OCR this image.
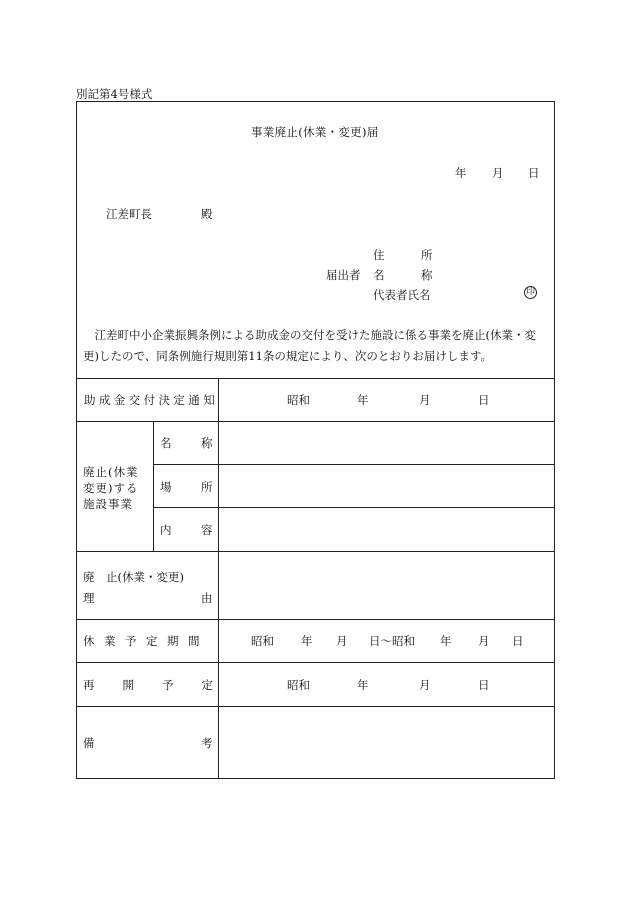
別記第4号様式
事業廃止(休業・変更)届
年 月 日
江差町長	殿
住	所
届出者 名	称
代表者氏名	印
　江差町中小企業振興条例による助成金の交付を受けた施設に係る事業を廃止(休業・変更)したので、同条例施行規則第11条の規定により、次のとおりお届けします。
助成金交付決定通知	昭和	年	月	日
廃止(休業変更)する施設事業
名	称
場	所
内	容
廃　止(休業・変更)
理	由
休業予定期間	昭和 年 月 日〜昭和 年 月 日
再 開 予 定	昭和	年	月	日
備	考
